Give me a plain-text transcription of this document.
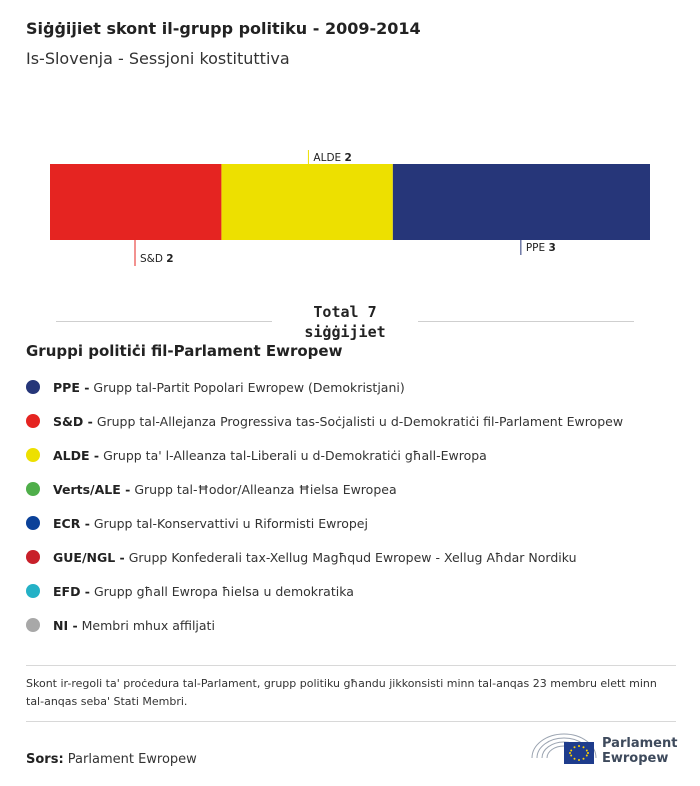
Siġġijiet skont il-grupp politiku - 2009-2014
Is-Slovenja - Sessjoni kostituttiva
S&D 2
ALDE 2
PPE 3
Total 7
siġġijiet
Gruppi politiċi fil-Parlament Ewropew
PPE - Grupp tal-Partit Popolari Ewropew (Demokristjani)
S&D - Grupp tal-Allejanza Progressiva tas-Soċjalisti u d-Demokratiċi fil-Parlament Ewropew
ALDE - Grupp ta' l-Alleanza tal-Liberali u d-Demokratiċi għall-Ewropa
Verts/ALE - Grupp tal-Ħodor/Alleanza Ħielsa Ewropea
ECR - Grupp tal-Konservattivi u Riformisti Ewropej
GUE/NGL - Grupp Konfederali tax-Xellug Magħqud Ewropew - Xellug Aħdar Nordiku
EFD - Grupp għall Ewropa ħielsa u demokratika
NI - Membri mhux affiljati
Skont ir-regoli ta' proċedura tal-Parlament, grupp politiku għandu jikkonsisti minn tal-anqas 23 membru elett minn tal-anqas seba' Stati Membri.
Sors: Parlament Ewropew
Parlament
Ewropew
